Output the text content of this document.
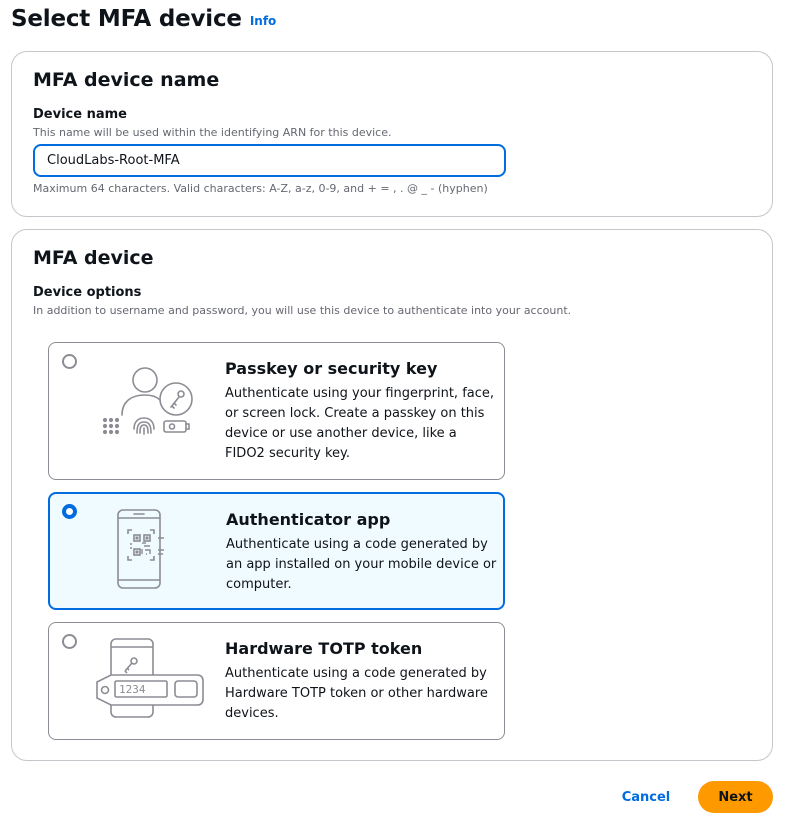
Select MFA device Info
MFA device name
Device name
This name will be used within the identifying ARN for this device.
CloudLabs-Root-MFA
Maximum 64 characters. Valid characters: A-Z, a-z, 0-9, and + = , . @ _ - (hyphen)
MFA device
Device options
In addition to username and password, you will use this device to authenticate into your account.
Passkey or security key
Authenticate using your fingerprint, face, or screen lock. Create a passkey on this device or use another device, like a FIDO2 security key.
Authenticator app
Authenticate using a code generated by an app installed on your mobile device or computer.
1234
Hardware TOTP token
Authenticate using a code generated by Hardware TOTP token or other hardware devices.
Cancel	Next
